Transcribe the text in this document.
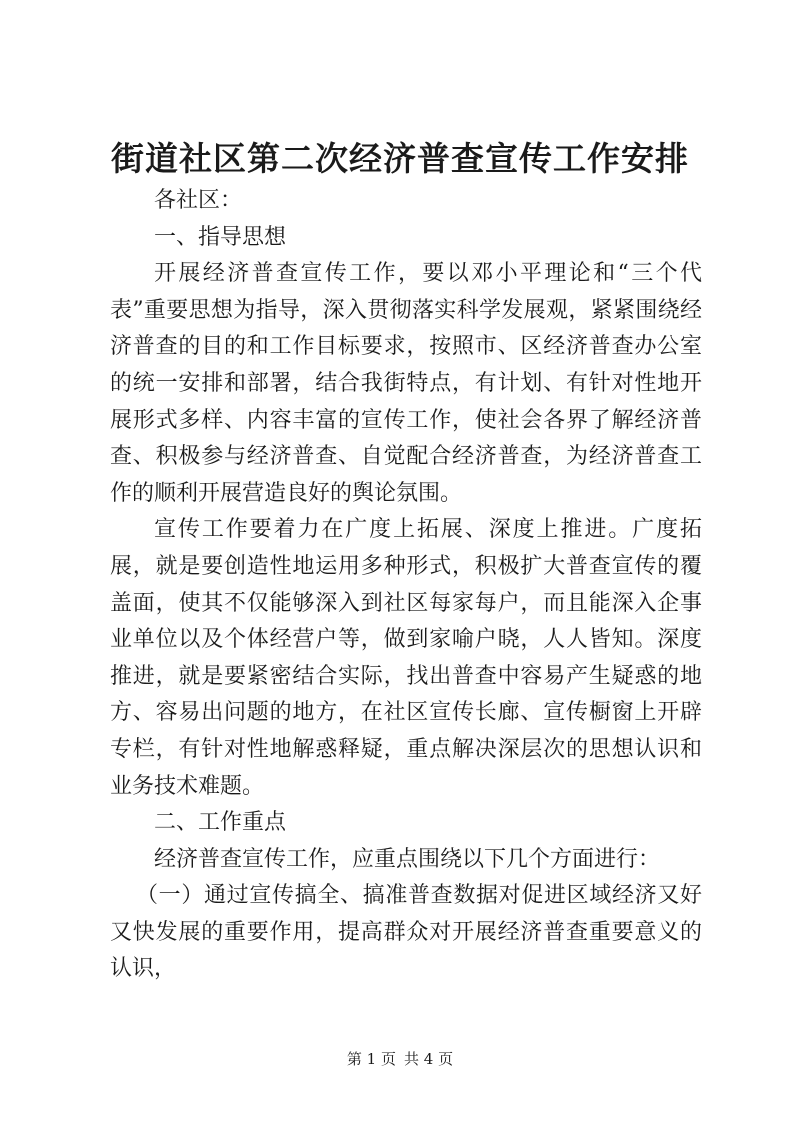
街道社区第二次经济普查宣传工作安排

各社区：

一、指导思想

开展经济普查宣传工作，要以邓小平理论和“三个代表”重要思想为指导，深入贯彻落实科学发展观，紧紧围绕经济普查的目的和工作目标要求，按照市、区经济普查办公室的统一安排和部署，结合我街特点，有计划、有针对性地开展形式多样、内容丰富的宣传工作，使社会各界了解经济普查、积极参与经济普查、自觉配合经济普查，为经济普查工作的顺利开展营造良好的舆论氛围。

宣传工作要着力在广度上拓展、深度上推进。广度拓展，就是要创造性地运用多种形式，积极扩大普查宣传的覆盖面，使其不仅能够深入到社区每家每户，而且能深入企事业单位以及个体经营户等，做到家喻户晓，人人皆知。深度推进，就是要紧密结合实际，找出普查中容易产生疑惑的地方、容易出问题的地方，在社区宣传长廊、宣传橱窗上开辟专栏，有针对性地解惑释疑，重点解决深层次的思想认识和业务技术难题。

二、工作重点

经济普查宣传工作，应重点围绕以下几个方面进行：

（一）通过宣传搞全、搞准普查数据对促进区域经济又好又快发展的重要作用，提高群众对开展经济普查重要意义的认识，

第 1 页 共 4 页
